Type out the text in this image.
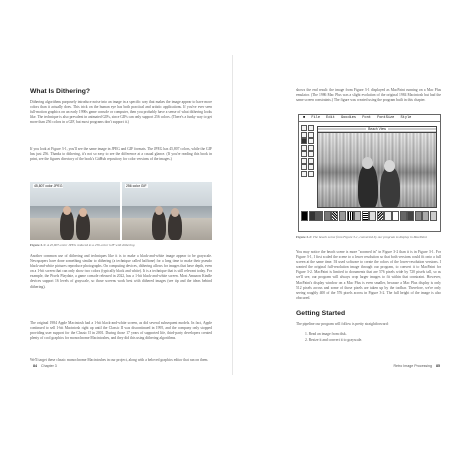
What Is Dithering?

Dithering algorithms purposely introduce noise into an image in a specific way that makes the image appear to have more colors than it actually does. This trick on the human eye has both practical and artistic applications. If you've ever seen full-motion graphics on an early 1990s game console or computer, then you probably have a sense of what dithering looks like. The technique is also prevalent in animated GIFs, since GIFs can only support 256 colors. (There's a funky way to get more than 256 colors in a GIF, but most programs don't support it.)

If you look at Figure 3-1, you'll see the same image in JPEG and GIF formats. The JPEG has 45,807 colors, while the GIF has just 256. Thanks to dithering, it's not so easy to see the difference at a casual glance. (If you're reading this book in print, see the figures directory of the book's GitHub repository for color versions of the images.)

45,807 color JPEG	256 color GIF

Figure 3-1: A 45,807-color JPEG reduced to a 256-color GIF with dithering

Another common use of dithering and techniques like it is to make a black-and-white image appear to be grayscale. Newspapers have done something similar to dithering (a technique called halftone) for a long time to make their pseudo black-and-white pictures reproduce photographs. On computing devices, dithering allows for images that have depth, even on a 1-bit screen that can only show two colors (typically black and white). It is a technique that is still relevant today. For example, the Pixels Playdate, a game console released in 2022, has a 1-bit black-and-white screen. Most Amazon Kindle devices support 16 levels of grayscale, so those screens work best with dithered images (see tip and the ideas behind dithering).

The original 1984 Apple Macintosh had a 1-bit black-and-white screen, as did several subsequent models. In fact, Apple continued to sell 1-bit Macintosh right up until the Classic II was discontinued in 1995, and the company only stopped providing user support for the Classic II in 2001. During those 17 years of supported life, third-party developers created plenty of cool graphics for monochrome Macintoshes, and they did this using dithering algorithms.

We'll target these classic monochrome Macintoshes in our project, along with a beloved graphics editor that ran on them.

84 Chapter 3

shows the end result: the image from Figure 3-1 displayed as MacPaint running on a Mac Plus emulator. (The 1986 Mac Plus was a slight evolution of the original 1984 Macintosh but had the same screen constraints.) The figure was created using the program built in this chapter.

■ File Edit Goodies Font FontSize Style
Beach View

Figure 3-2: The beach scene from Figure 3-1, converted by our program to display in MacPaint

You may notice the beach scene is more "zoomed in" in Figure 3-2 than it is in Figure 3-1. For Figure 3-1, I first scaled the scene to a lower resolution so that both versions could fit onto a full screen at the same time. I'd used software to create the colors of the lower-resolution versions. I wanted the original full-resolution image through our program, to convert it to MacPaint for Figure 3-2. MacPaint is limited to documents that are 576 pixels wide by 720 pixels tall, so as we'll see, our program will always crop larger images to fit within that constraint. However, MacPaint's display window on a Mac Plus is even smaller, because a Mac Plus display is only 512 pixels across and some of those pixels are taken up by the toolbar. Therefore, we're only seeing roughly 400 of the 576 pixels across in Figure 3-2. The full height of the image is also obscured.

Getting Started

The pipeline our program will follow is pretty straightforward:

1. Read an image from disk.
2. Resize it and convert it to grayscale.
Retro Image Processing 85
